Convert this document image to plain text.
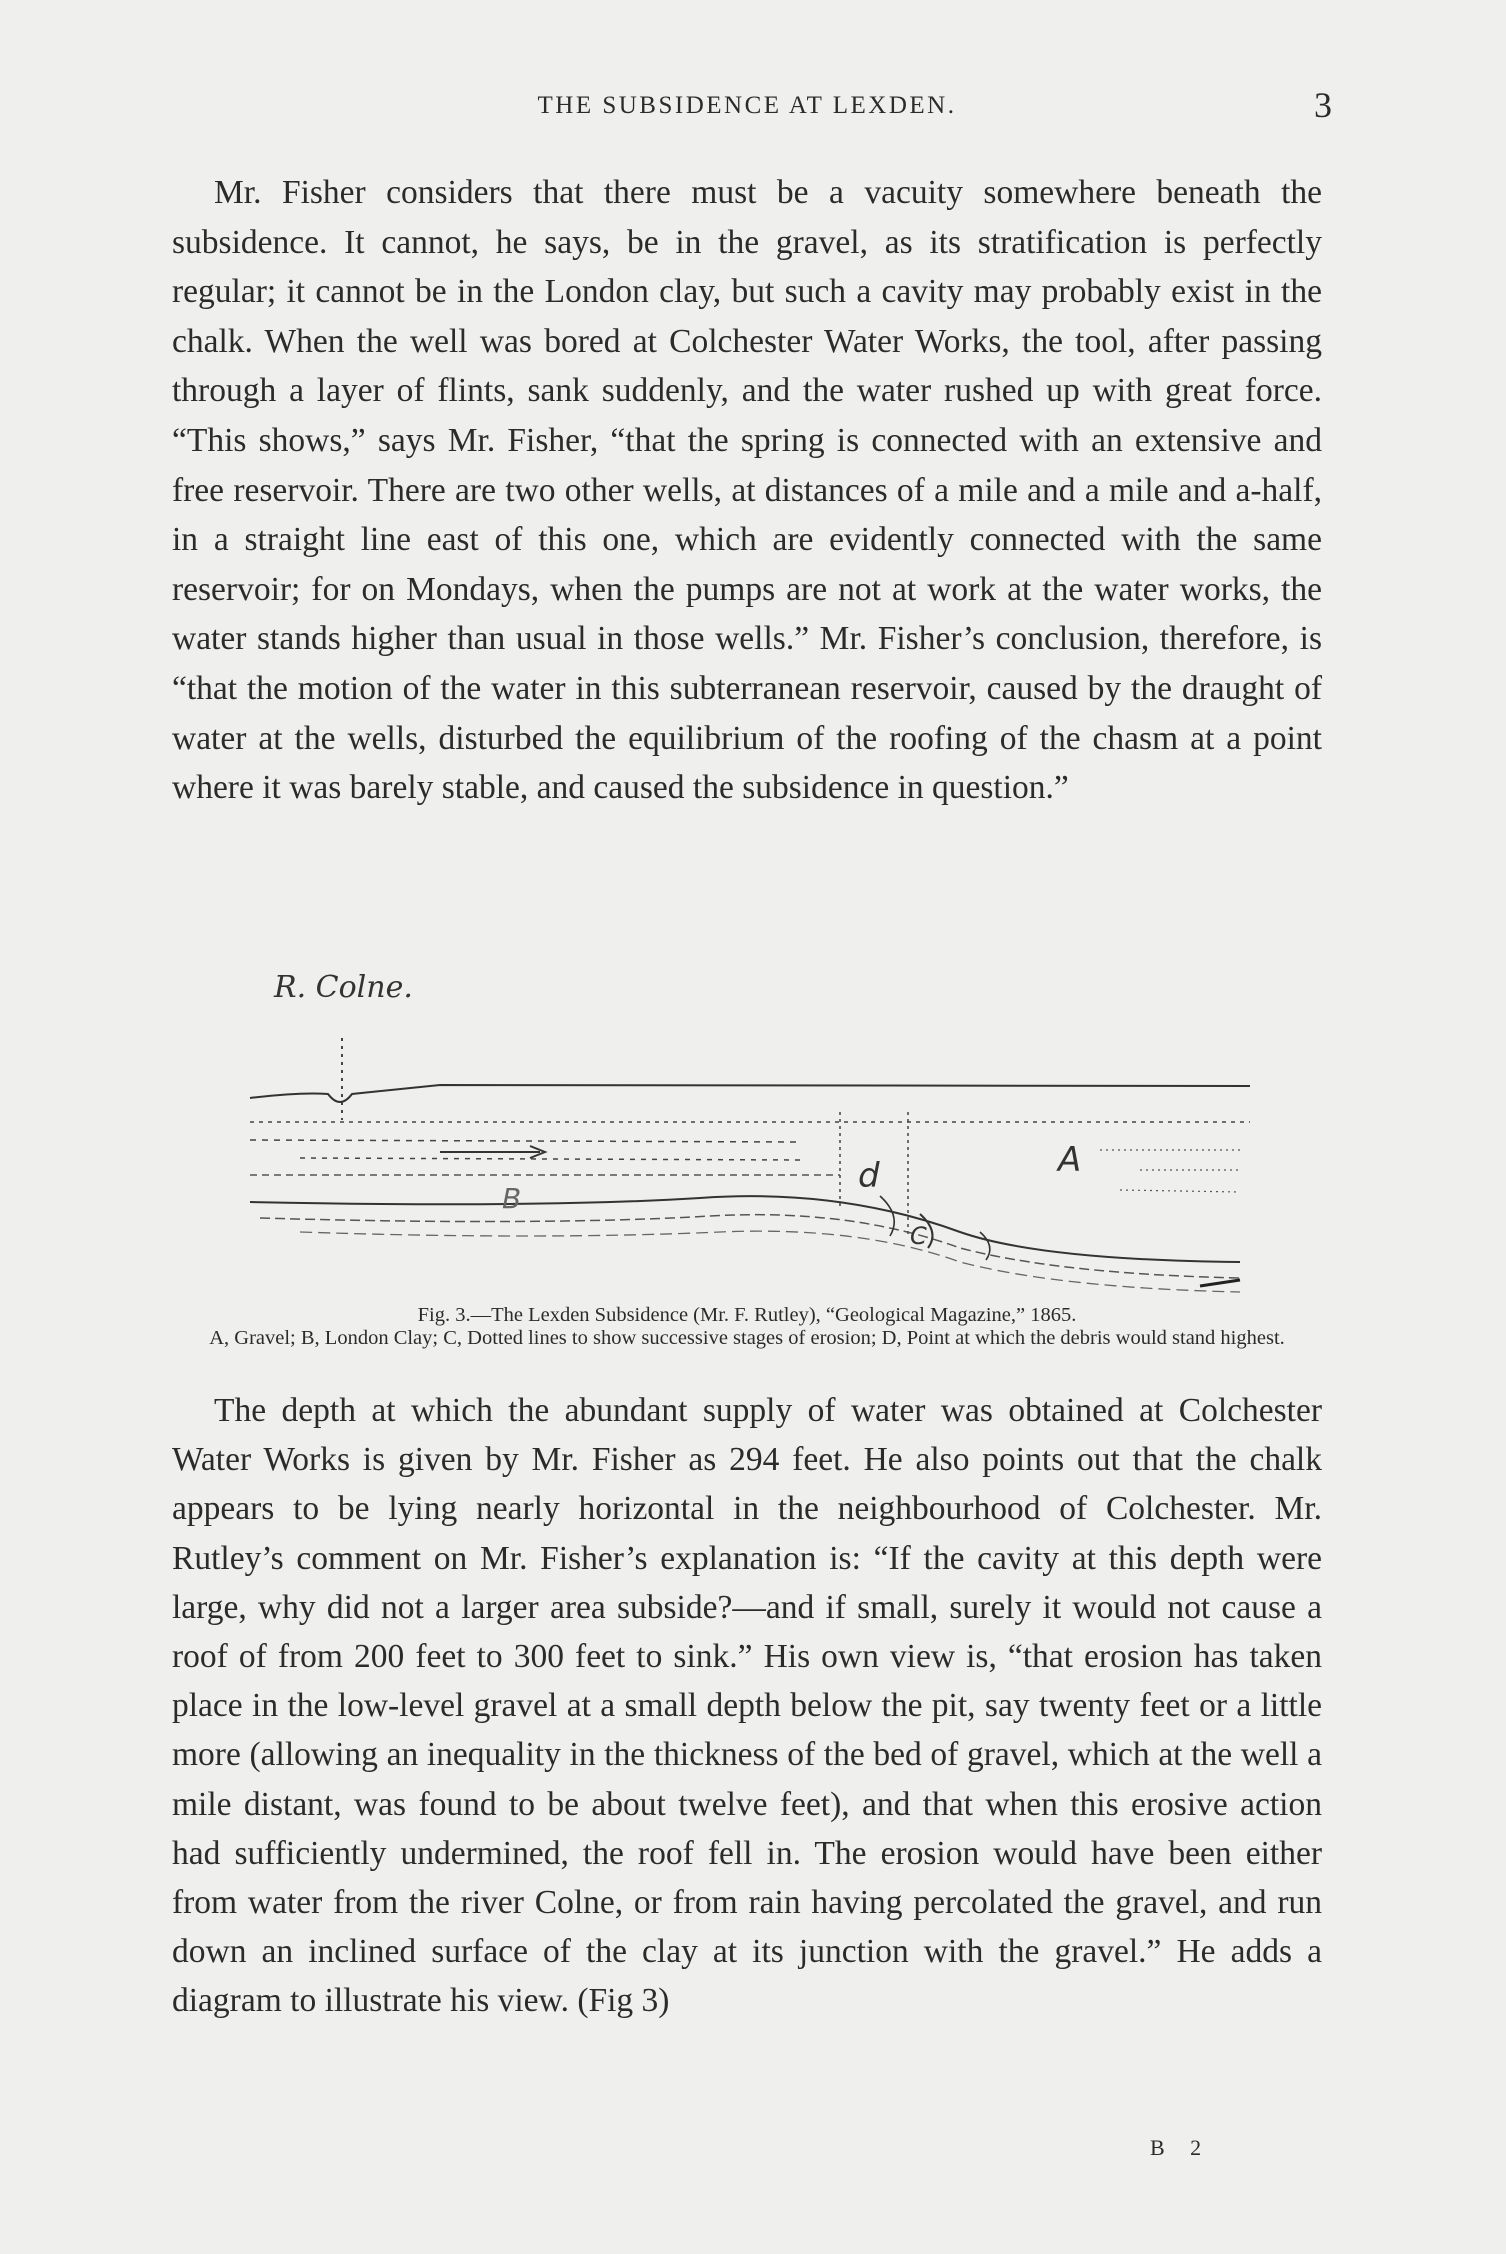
THE SUBSIDENCE AT LEXDEN.	3

Mr. Fisher considers that there must be a vacuity somewhere beneath the subsidence. It cannot, he says, be in the gravel, as its stratification is perfectly regular; it cannot be in the London clay, but such a cavity may probably exist in the chalk. When the well was bored at Colchester Water Works, the tool, after passing through a layer of flints, sank suddenly, and the water rushed up with great force. “This shows,” says Mr. Fisher, “that the spring is connected with an extensive and free reservoir. There are two other wells, at distances of a mile and a mile and a-half, in a straight line east of this one, which are evidently connected with the same reservoir; for on Mondays, when the pumps are not at work at the water works, the water stands higher than usual in those wells.” Mr. Fisher’s conclusion, therefore, is “that the motion of the water in this subterranean reservoir, caused by the draught of water at the wells, disturbed the equilibrium of the roofing of the chasm at a point where it was barely stable, and caused the subsidence in question.”

R. Colne.
A
B
C
d
Fig. 3.—The Lexden Subsidence (Mr. F. Rutley), “Geological Magazine,” 1865.
A, Gravel; B, London Clay; C, Dotted lines to show successive stages of erosion; D, Point at which the debris would stand highest.

The depth at which the abundant supply of water was obtained at Colchester Water Works is given by Mr. Fisher as 294 feet. He also points out that the chalk appears to be lying nearly horizontal in the neighbourhood of Colchester. Mr. Rutley’s comment on Mr. Fisher’s explanation is: “If the cavity at this depth were large, why did not a larger area subside?—and if small, surely it would not cause a roof of from 200 feet to 300 feet to sink.” His own view is, “that erosion has taken place in the low-level gravel at a small depth below the pit, say twenty feet or a little more (allowing an inequality in the thickness of the bed of gravel, which at the well a mile distant, was found to be about twelve feet), and that when this erosive action had sufficiently undermined, the roof fell in. The erosion would have been either from water from the river Colne, or from rain having percolated the gravel, and run down an inclined surface of the clay at its junction with the gravel.” He adds a diagram to illustrate his view. (Fig 3)

B 2
